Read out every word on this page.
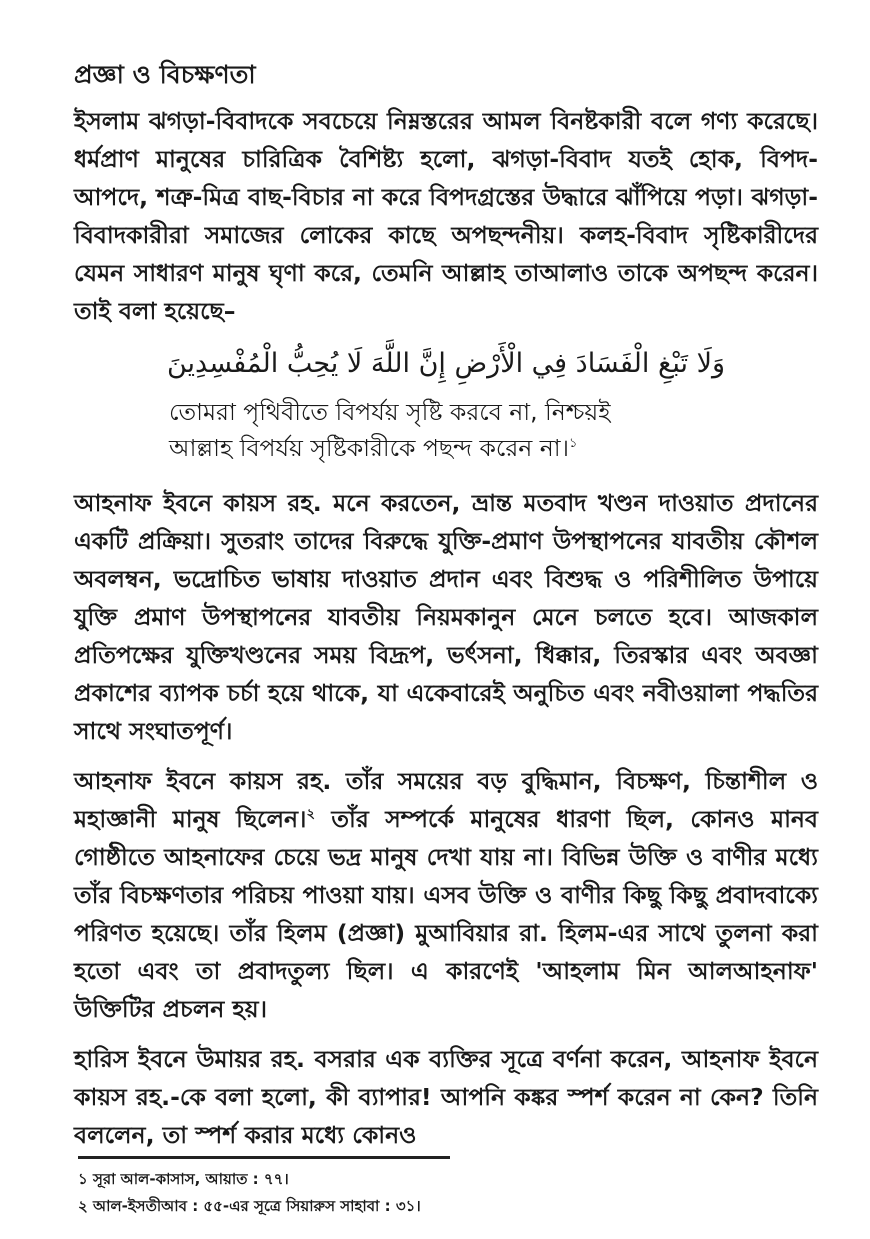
প্রজ্ঞা ও বিচক্ষণতা

ইসলাম ঝগড়া-বিবাদকে সবচেয়ে নিম্নস্তরের আমল বিনষ্টকারী বলে গণ্য করেছে। ধর্মপ্রাণ মানুষের চারিত্রিক বৈশিষ্ট্য হলো, ঝগড়া-বিবাদ যতই হোক, বিপদ-আপদে, শত্রু-মিত্র বাছ-বিচার না করে বিপদগ্রস্তের উদ্ধারে ঝাঁপিয়ে পড়া। ঝগড়া-বিবাদকারীরা সমাজের লোকের কাছে অপছন্দনীয়। কলহ-বিবাদ সৃষ্টিকারীদের যেমন সাধারণ মানুষ ঘৃণা করে, তেমনি আল্লাহ তাআলাও তাকে অপছন্দ করেন। তাই বলা হয়েছে–

وَلَا تَبْغِ الْفَسَادَ فِي الْأَرْضِ إِنَّ اللَّهَ لَا يُحِبُّ الْمُفْسِدِينَ
তোমরা পৃথিবীতে বিপর্যয় সৃষ্টি করবে না, নিশ্চয়ই
আল্লাহ বিপর্যয় সৃষ্টিকারীকে পছন্দ করেন না।$^১$

আহনাফ ইবনে কায়স রহ. মনে করতেন, ভ্রান্ত মতবাদ খণ্ডন দাওয়াত প্রদানের একটি প্রক্রিয়া। সুতরাং তাদের বিরুদ্ধে যুক্তি-প্রমাণ উপস্থাপনের যাবতীয় কৌশল অবলম্বন, ভদ্রোচিত ভাষায় দাওয়াত প্রদান এবং বিশুদ্ধ ও পরিশীলিত উপায়ে যুক্তি প্রমাণ উপস্থাপনের যাবতীয় নিয়মকানুন মেনে চলতে হবে। আজকাল প্রতিপক্ষের যুক্তিখণ্ডনের সময় বিদ্রূপ, ভর্ৎসনা, ধিক্কার, তিরস্কার এবং অবজ্ঞা প্রকাশের ব্যাপক চর্চা হয়ে থাকে, যা একেবারেই অনুচিত এবং নবীওয়ালা পদ্ধতির সাথে সংঘাতপূর্ণ।

আহনাফ ইবনে কায়স রহ. তাঁর সময়ের বড় বুদ্ধিমান, বিচক্ষণ, চিন্তাশীল ও মহাজ্ঞানী মানুষ ছিলেন।$^২$ তাঁর সম্পর্কে মানুষের ধারণা ছিল, কোনও মানব গোষ্ঠীতে আহনাফের চেয়ে ভদ্র মানুষ দেখা যায় না। বিভিন্ন উক্তি ও বাণীর মধ্যে তাঁর বিচক্ষণতার পরিচয় পাওয়া যায়। এসব উক্তি ও বাণীর কিছু কিছু প্রবাদবাক্যে পরিণত হয়েছে। তাঁর হিলম (প্রজ্ঞা) মুআবিয়ার রা. হিলম-এর সাথে তুলনা করা হতো এবং তা প্রবাদতুল্য ছিল। এ কারণেই 'আহলাম মিন আলআহনাফ' উক্তিটির প্রচলন হয়।

হারিস ইবনে উমায়র রহ. বসরার এক ব্যক্তির সূত্রে বর্ণনা করেন, আহনাফ ইবনে কায়স রহ.-কে বলা হলো, কী ব্যাপার! আপনি কঙ্কর স্পর্শ করেন না কেন? তিনি বললেন, তা স্পর্শ করার মধ্যে কোনও

১ সূরা আল-কাসাস, আয়াত : ৭৭।
২ আল-ইসতীআব : ৫৫-এর সূত্রে সিয়ারুস সাহাবা : ৩১।
